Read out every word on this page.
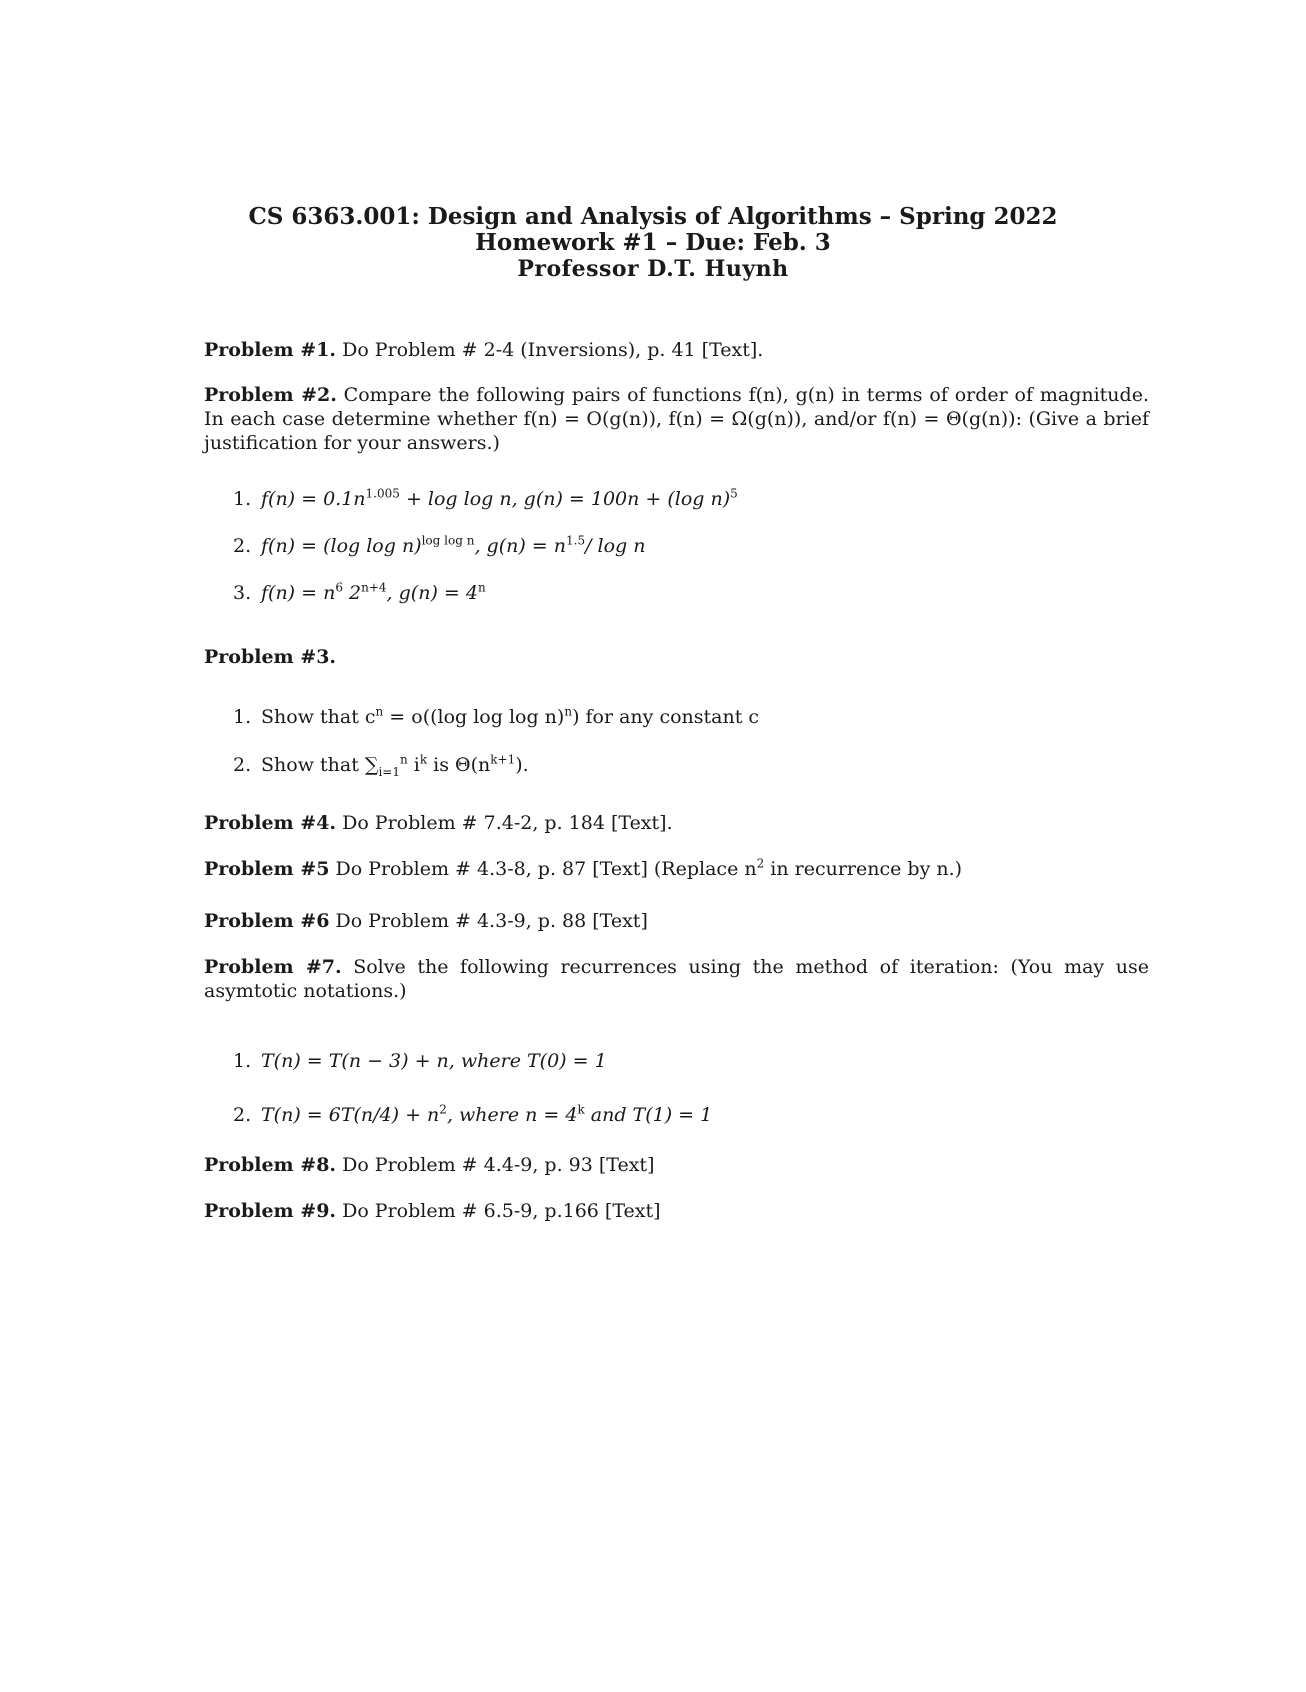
CS 6363.001: Design and Analysis of Algorithms – Spring 2022
Homework #1 – Due: Feb. 3
Professor D.T. Huynh

Problem #1. Do Problem # 2-4 (Inversions), p. 41 [Text].

Problem #2. Compare the following pairs of functions f(n), g(n) in terms of order of magnitude. In each case determine whether f(n) = O(g(n)), f(n) = Ω(g(n)), and/or f(n) = Θ(g(n)): (Give a brief justification for your answers.)

1. $f(n) = 0.1n^{1.005} + \log \log n$, g(n) = 100n + (log n)$^5$
2. f(n) = (log log n)$^{log log n}$, $g(n) = n^{1.5}/$ log n
3. $f(n) = n^6$ $2^{n+4}$, $g(n) = 4^n$

Problem #3.

1. Show that $c^n = o((\log$ log log n)$^n$) for any constant c
2. Show that $\sum_{i=1}^n$ $i^k$ is $\Theta(n^{k+1})$.

Problem #4. Do Problem # 7.4-2, p. 184 [Text].

Problem #5 Do Problem # 4.3-8, p. 87 [Text] (Replace $n^2$ in recurrence by n.)

Problem #6 Do Problem # 4.3-9, p. 88 [Text]

Problem #7. Solve the following recurrences using the method of iteration: (You may use asymtotic notations.)

1. T(n) = T(n − 3) + n, where T(0) = 1
2. $T(n) = 6T(n/4) + n^2$, where $n = 4^k$ and T(1) = 1

Problem #8. Do Problem # 4.4-9, p. 93 [Text]

Problem #9. Do Problem # 6.5-9, p.166 [Text]
